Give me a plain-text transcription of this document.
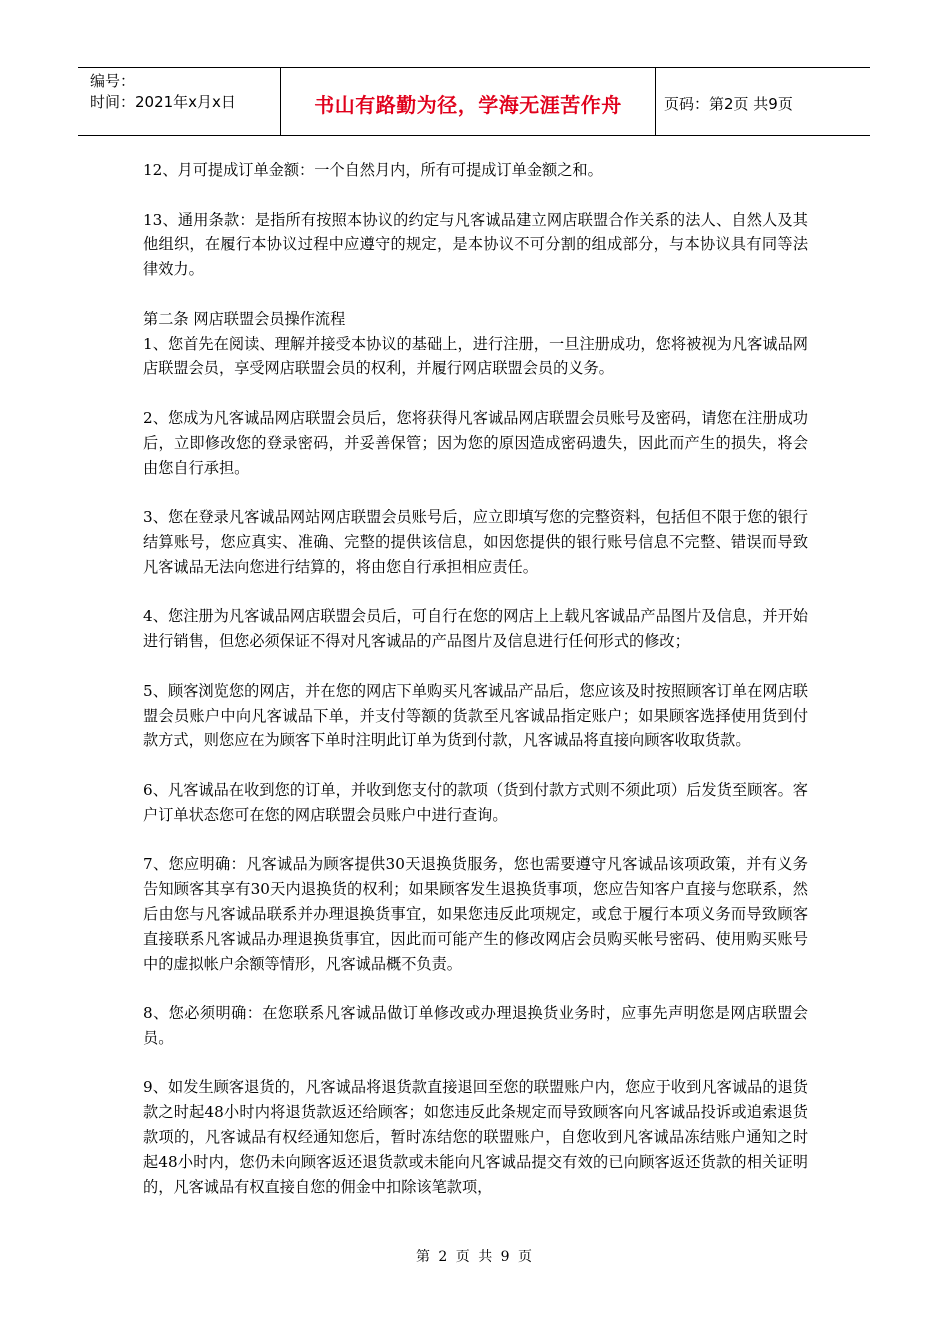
编号：
时间：2021年x月x日	书山有路勤为径，学海无涯苦作舟	页码：第2页 共9页

12、月可提成订单金额：一个自然月内，所有可提成订单金额之和。

13、通用条款：是指所有按照本协议的约定与凡客诚品建立网店联盟合作关系的法人、自然人及其他组织，在履行本协议过程中应遵守的规定，是本协议不可分割的组成部分，与本协议具有同等法律效力。

第二条 网店联盟会员操作流程

1、您首先在阅读、理解并接受本协议的基础上，进行注册，一旦注册成功，您将被视为凡客诚品网店联盟会员，享受网店联盟会员的权利，并履行网店联盟会员的义务。

2、您成为凡客诚品网店联盟会员后，您将获得凡客诚品网店联盟会员账号及密码，请您在注册成功后，立即修改您的登录密码，并妥善保管；因为您的原因造成密码遗失，因此而产生的损失，将会由您自行承担。

3、您在登录凡客诚品网站网店联盟会员账号后，应立即填写您的完整资料，包括但不限于您的银行结算账号，您应真实、准确、完整的提供该信息，如因您提供的银行账号信息不完整、错误而导致凡客诚品无法向您进行结算的，将由您自行承担相应责任。

4、您注册为凡客诚品网店联盟会员后，可自行在您的网店上上载凡客诚品产品图片及信息，并开始进行销售，但您必须保证不得对凡客诚品的产品图片及信息进行任何形式的修改；

5、顾客浏览您的网店，并在您的网店下单购买凡客诚品产品后，您应该及时按照顾客订单在网店联盟会员账户中向凡客诚品下单，并支付等额的货款至凡客诚品指定账户；如果顾客选择使用货到付款方式，则您应在为顾客下单时注明此订单为货到付款，凡客诚品将直接向顾客收取货款。

6、凡客诚品在收到您的订单，并收到您支付的款项（货到付款方式则不须此项）后发货至顾客。客户订单状态您可在您的网店联盟会员账户中进行查询。

7、您应明确：凡客诚品为顾客提供30天退换货服务，您也需要遵守凡客诚品该项政策，并有义务告知顾客其享有30天内退换货的权利；如果顾客发生退换货事项，您应告知客户直接与您联系，然后由您与凡客诚品联系并办理退换货事宜，如果您违反此项规定，或怠于履行本项义务而导致顾客直接联系凡客诚品办理退换货事宜，因此而可能产生的修改网店会员购买帐号密码、使用购买账号中的虚拟帐户余额等情形，凡客诚品概不负责。

8、您必须明确：在您联系凡客诚品做订单修改或办理退换货业务时，应事先声明您是网店联盟会员。

9、如发生顾客退货的，凡客诚品将退货款直接退回至您的联盟账户内，您应于收到凡客诚品的退货款之时起48小时内将退货款返还给顾客；如您违反此条规定而导致顾客向凡客诚品投诉或追索退货款项的，凡客诚品有权经通知您后，暂时冻结您的联盟账户，自您收到凡客诚品冻结账户通知之时起48小时内，您仍未向顾客返还退货款或未能向凡客诚品提交有效的已向顾客返还货款的相关证明的，凡客诚品有权直接自您的佣金中扣除该笔款项，

第 2 页 共 9 页
